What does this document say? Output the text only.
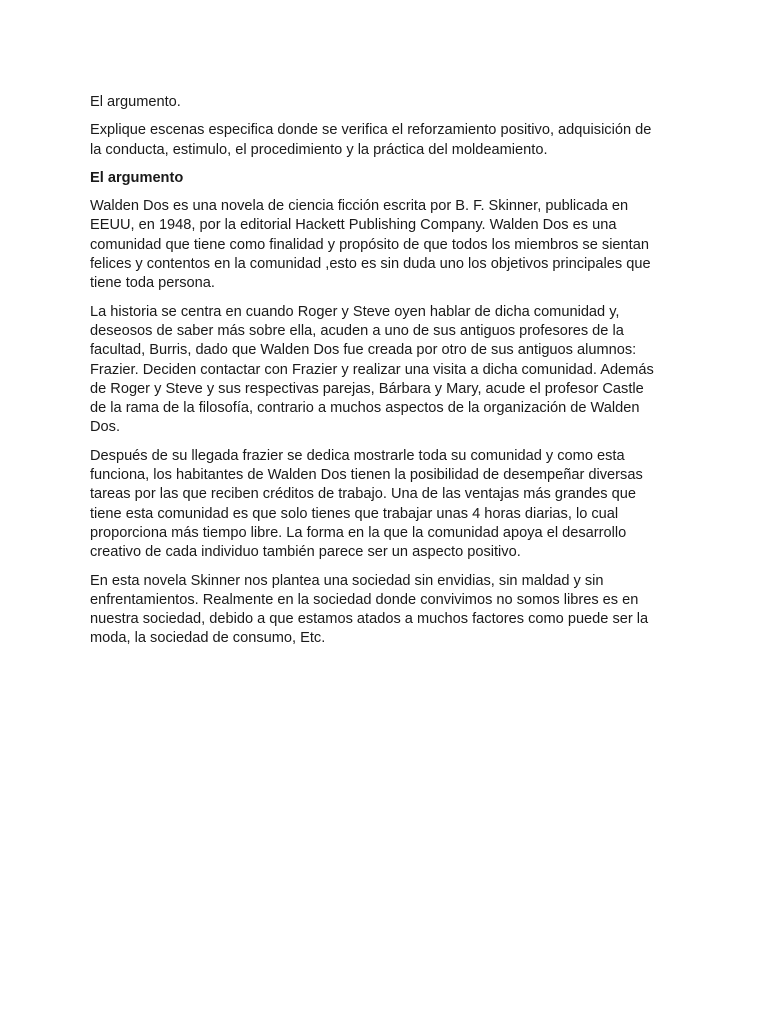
El argumento.

Explique escenas especifica donde se verifica el reforzamiento positivo, adquisición de
la conducta, estimulo, el procedimiento y la práctica del moldeamiento.

El argumento

Walden Dos es una novela de ciencia ficción escrita por B. F. Skinner, publicada en
EEUU, en 1948, por la editorial Hackett Publishing Company. Walden Dos es una
comunidad que tiene como finalidad y propósito de que todos los miembros se sientan
felices y contentos en la comunidad ,esto es sin duda uno los objetivos principales que
tiene toda persona.

La historia se centra en cuando Roger y Steve oyen hablar de dicha comunidad y,
deseosos de saber más sobre ella, acuden a uno de sus antiguos profesores de la
facultad, Burris, dado que Walden Dos fue creada por otro de sus antiguos alumnos:
Frazier. Deciden contactar con Frazier y realizar una visita a dicha comunidad. Además
de Roger y Steve y sus respectivas parejas, Bárbara y Mary, acude el profesor Castle
de la rama de la filosofía, contrario a muchos aspectos de la organización de Walden
Dos.

Después de su llegada frazier se dedica mostrarle toda su comunidad y como esta
funciona, los habitantes de Walden Dos tienen la posibilidad de desempeñar diversas
tareas por las que reciben créditos de trabajo. Una de las ventajas más grandes que
tiene esta comunidad es que solo tienes que trabajar unas 4 horas diarias, lo cual
proporciona más tiempo libre. La forma en la que la comunidad apoya el desarrollo
creativo de cada individuo también parece ser un aspecto positivo.

En esta novela Skinner nos plantea una sociedad sin envidias, sin maldad y sin
enfrentamientos. Realmente en la sociedad donde convivimos no somos libres es en
nuestra sociedad, debido a que estamos atados a muchos factores como puede ser la
moda, la sociedad de consumo, Etc.
